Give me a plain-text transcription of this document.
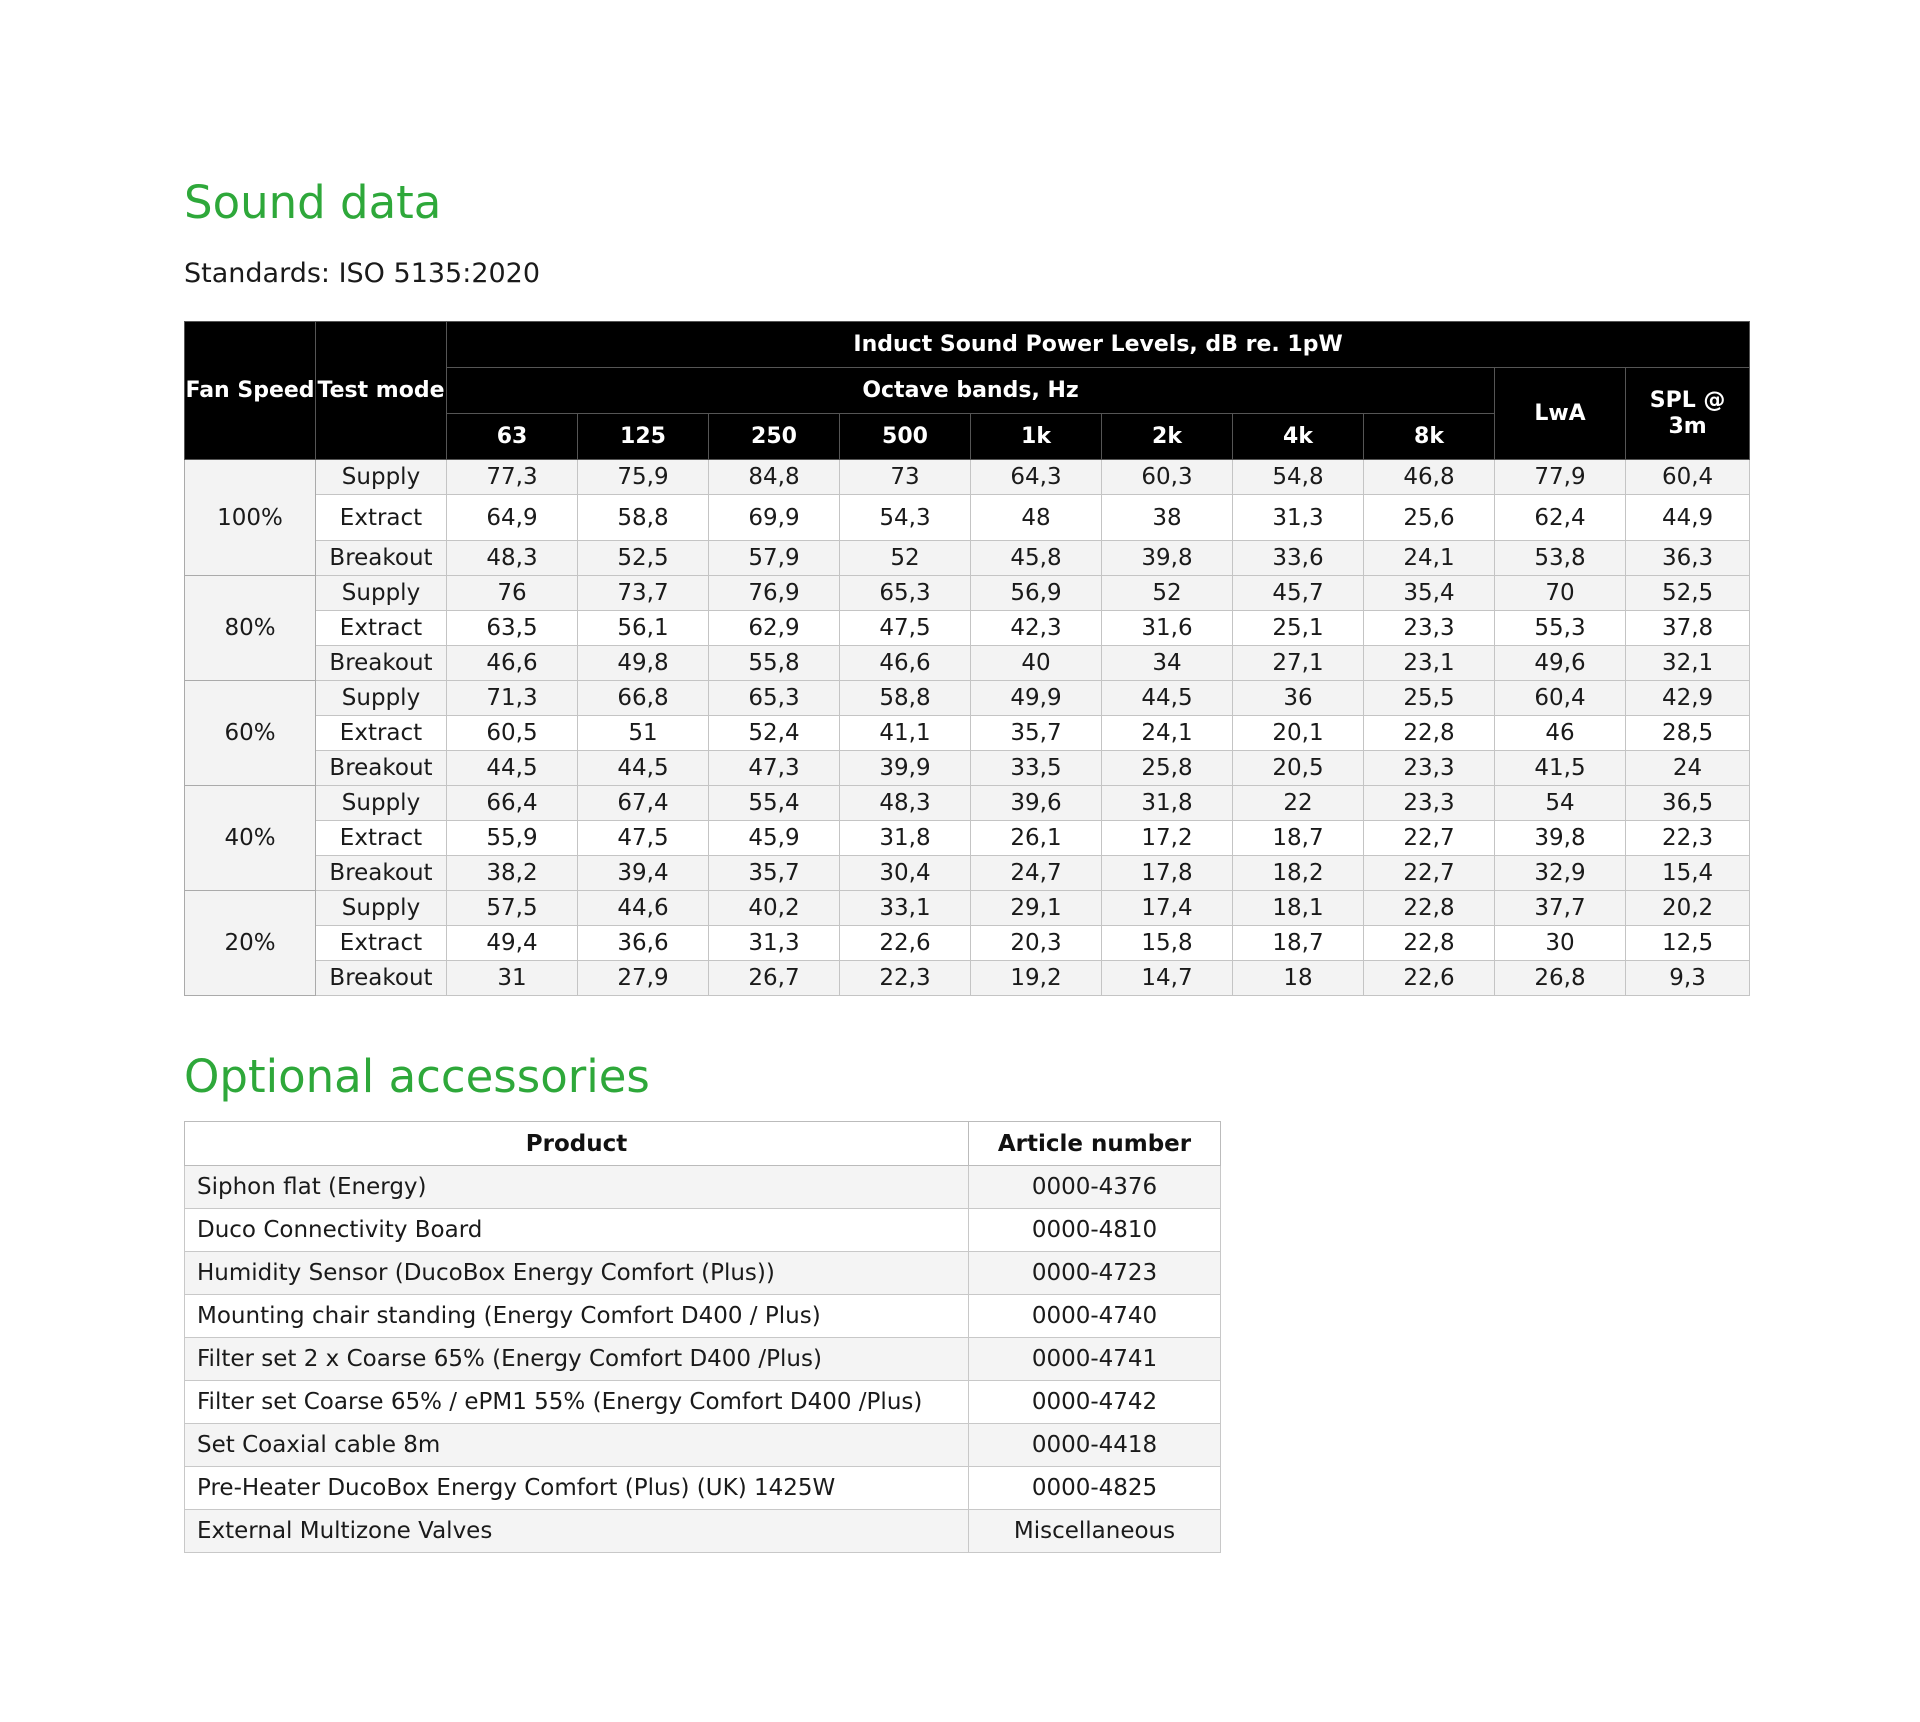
Sound data

Standards: ISO 5135:2020

Fan Speed	Test mode	Induct Sound Power Levels, dB re. 1pW									
		Octave bands, Hz								LwA	SPL @ 3m
		63	125	250	500	1k	2k	4k	8k		
100%	Supply	77,3	75,9	84,8	73	64,3	60,3	54,8	46,8	77,9	60,4
	Extract	64,9	58,8	69,9	54,3	48	38	31,3	25,6	62,4	44,9
	Breakout	48,3	52,5	57,9	52	45,8	39,8	33,6	24,1	53,8	36,3
80%	Supply	76	73,7	76,9	65,3	56,9	52	45,7	35,4	70	52,5
	Extract	63,5	56,1	62,9	47,5	42,3	31,6	25,1	23,3	55,3	37,8
	Breakout	46,6	49,8	55,8	46,6	40	34	27,1	23,1	49,6	32,1
60%	Supply	71,3	66,8	65,3	58,8	49,9	44,5	36	25,5	60,4	42,9
	Extract	60,5	51	52,4	41,1	35,7	24,1	20,1	22,8	46	28,5
	Breakout	44,5	44,5	47,3	39,9	33,5	25,8	20,5	23,3	41,5	24
40%	Supply	66,4	67,4	55,4	48,3	39,6	31,8	22	23,3	54	36,5
	Extract	55,9	47,5	45,9	31,8	26,1	17,2	18,7	22,7	39,8	22,3
	Breakout	38,2	39,4	35,7	30,4	24,7	17,8	18,2	22,7	32,9	15,4
20%	Supply	57,5	44,6	40,2	33,1	29,1	17,4	18,1	22,8	37,7	20,2
	Extract	49,4	36,6	31,3	22,6	20,3	15,8	18,7	22,8	30	12,5
	Breakout	31	27,9	26,7	22,3	19,2	14,7	18	22,6	26,8	9,3
Optional accessories
Product	Article number
Siphon flat (Energy)	0000-4376
Duco Connectivity Board	0000-4810
Humidity Sensor (DucoBox Energy Comfort (Plus))	0000-4723
Mounting chair standing (Energy Comfort D400 / Plus)	0000-4740
Filter set 2 x Coarse 65% (Energy Comfort D400 /Plus)	0000-4741
Filter set Coarse 65% / ePM1 55% (Energy Comfort D400 /Plus)	0000-4742
Set Coaxial cable 8m	0000-4418
Pre-Heater DucoBox Energy Comfort (Plus) (UK) 1425W	0000-4825
External Multizone Valves	Miscellaneous
